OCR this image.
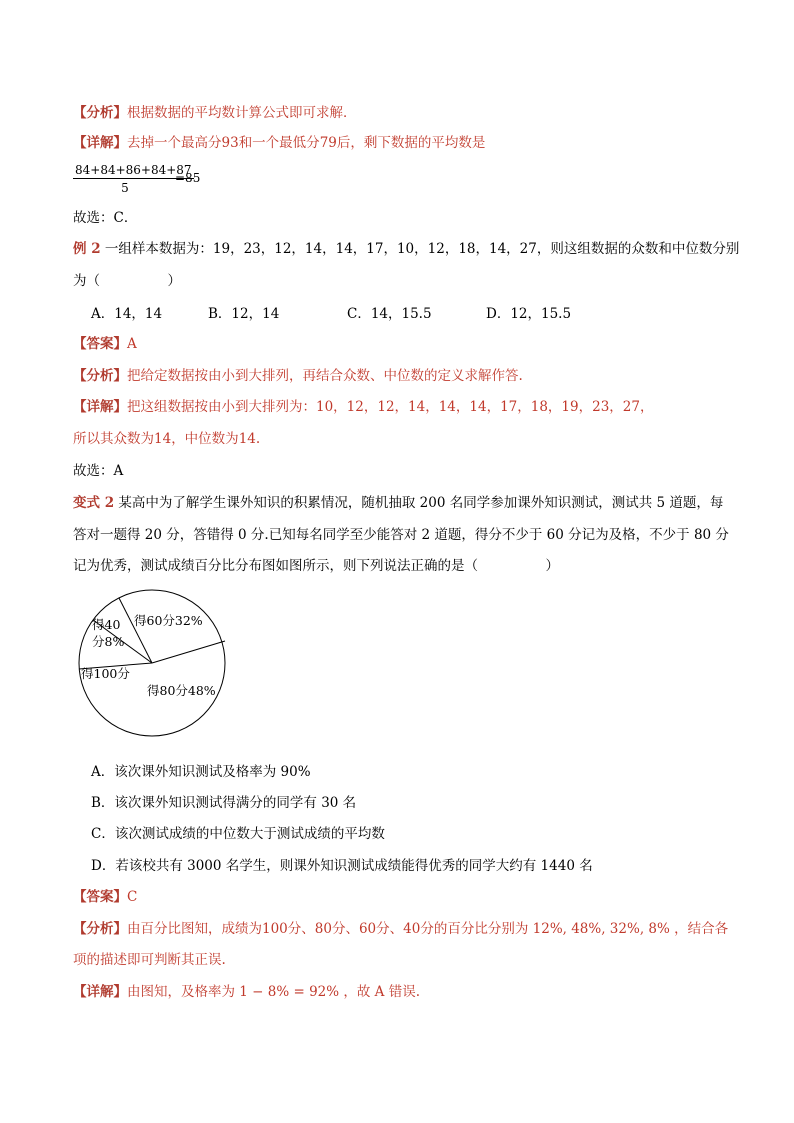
【分析】根据数据的平均数计算公式即可求解．
【详解】去掉一个最高分93和一个最低分79后，剩下数据的平均数是
84+84+86+84+87
5
=85
故选：C．
例 2 一组样本数据为：19，23，12，14，14，17，10，12，18，14，27，则这组数据的众数和中位数分别
为（　　　　　）
A．14，14	B．12，14	C．14，15.5	D．12，15.5
【答案】A
【分析】把给定数据按由小到大排列，再结合众数、中位数的定义求解作答.
【详解】把这组数据按由小到大排列为：10，12，12，14，14，14，17，18，19，23，27，
所以其众数为14，中位数为14.
故选：A
变式 2 某高中为了解学生课外知识的积累情况，随机抽取 200 名同学参加课外知识测试，测试共 5 道题，每
答对一题得 20 分，答错得 0 分.已知每名同学至少能答对 2 道题，得分不少于 60 分记为及格，不少于 80 分
记为优秀，测试成绩百分比分布图如图所示，则下列说法正确的是（　　　　　）
得60分32%
得80分48%
得100分
得40
分8%
A．该次课外知识测试及格率为 90%
B．该次课外知识测试得满分的同学有 30 名
C．该次测试成绩的中位数大于测试成绩的平均数
D．若该校共有 3000 名学生，则课外知识测试成绩能得优秀的同学大约有 1440 名
【答案】C
【分析】由百分比图知，成绩为100分、80分、60分、40分的百分比分别为 12%, 48%, 32%, 8% ，结合各
项的描述即可判断其正误.
【详解】由图知，及格率为 1 − 8% = 92% ，故 A 错误.
